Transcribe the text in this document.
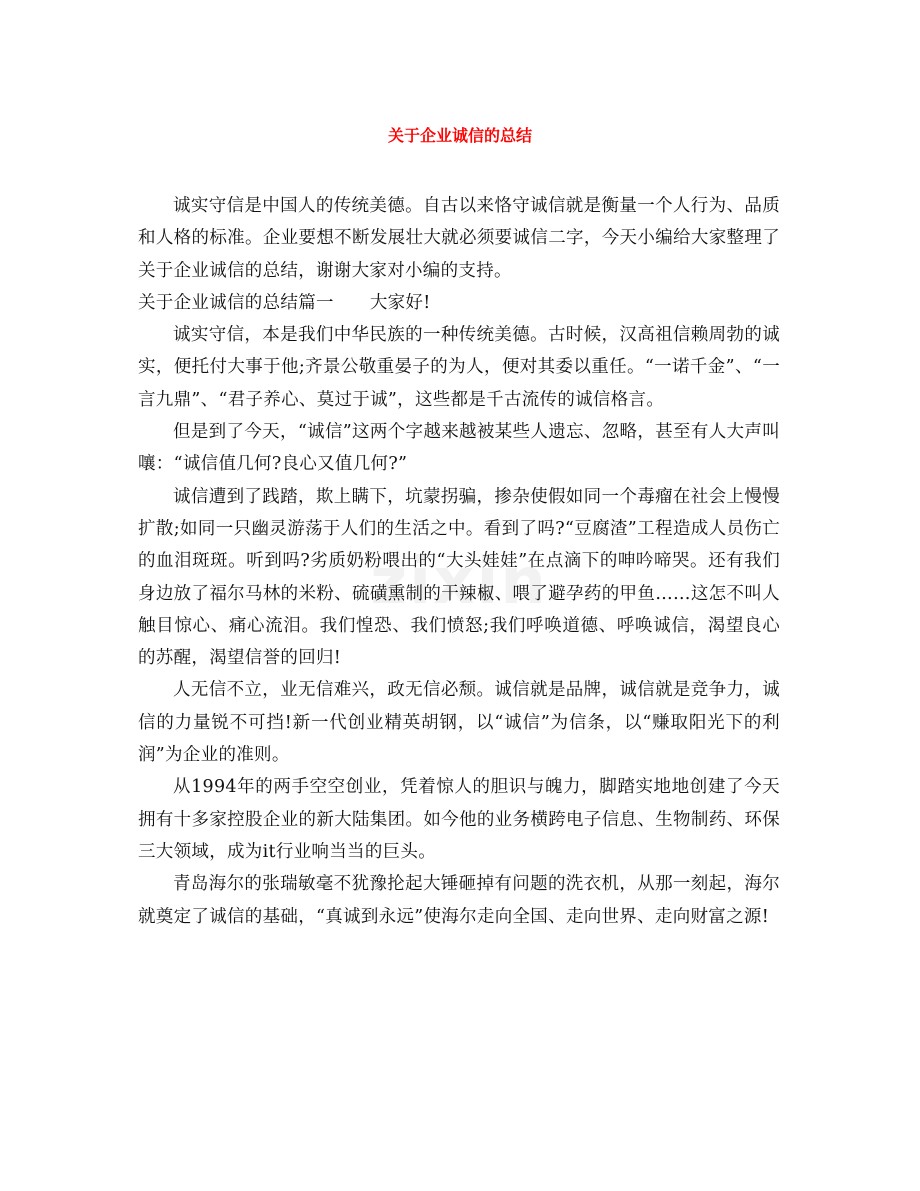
关于企业诚信的总结
zixin

诚实守信是中国人的传统美德。自古以来恪守诚信就是衡量一个人行为、品质和人格的标准。企业要想不断发展壮大就必须要诚信二字，今天小编给大家整理了关于企业诚信的总结，谢谢大家对小编的支持。

关于企业诚信的总结篇一 大家好!

诚实守信，本是我们中华民族的一种传统美德。古时候，汉高祖信赖周勃的诚实，便托付大事于他;齐景公敬重晏子的为人，便对其委以重任。“一诺千金”、“一言九鼎”、“君子养心、莫过于诚”，这些都是千古流传的诚信格言。

但是到了今天，“诚信”这两个字越来越被某些人遗忘、忽略，甚至有人大声叫嚷：“诚信值几何?良心又值几何?”

诚信遭到了践踏，欺上瞒下，坑蒙拐骗，掺杂使假如同一个毒瘤在社会上慢慢扩散;如同一只幽灵游荡于人们的生活之中。看到了吗?“豆腐渣”工程造成人员伤亡的血泪斑斑。听到吗?劣质奶粉喂出的“大头娃娃”在点滴下的呻吟啼哭。还有我们身边放了福尔马林的米粉、硫磺熏制的干辣椒、喂了避孕药的甲鱼……这怎不叫人触目惊心、痛心流泪。我们惶恐、我们愤怒;我们呼唤道德、呼唤诚信，渴望良心的苏醒，渴望信誉的回归!

人无信不立，业无信难兴，政无信必颓。诚信就是品牌，诚信就是竞争力，诚信的力量锐不可挡!新一代创业精英胡钢，以“诚信”为信条，以“赚取阳光下的利润”为企业的准则。

从1994年的两手空空创业，凭着惊人的胆识与魄力，脚踏实地地创建了今天拥有十多家控股企业的新大陆集团。如今他的业务横跨电子信息、生物制药、环保三大领域，成为it行业响当当的巨头。

青岛海尔的张瑞敏毫不犹豫抡起大锤砸掉有问题的洗衣机，从那一刻起，海尔就奠定了诚信的基础，“真诚到永远”使海尔走向全国、走向世界、走向财富之源!
